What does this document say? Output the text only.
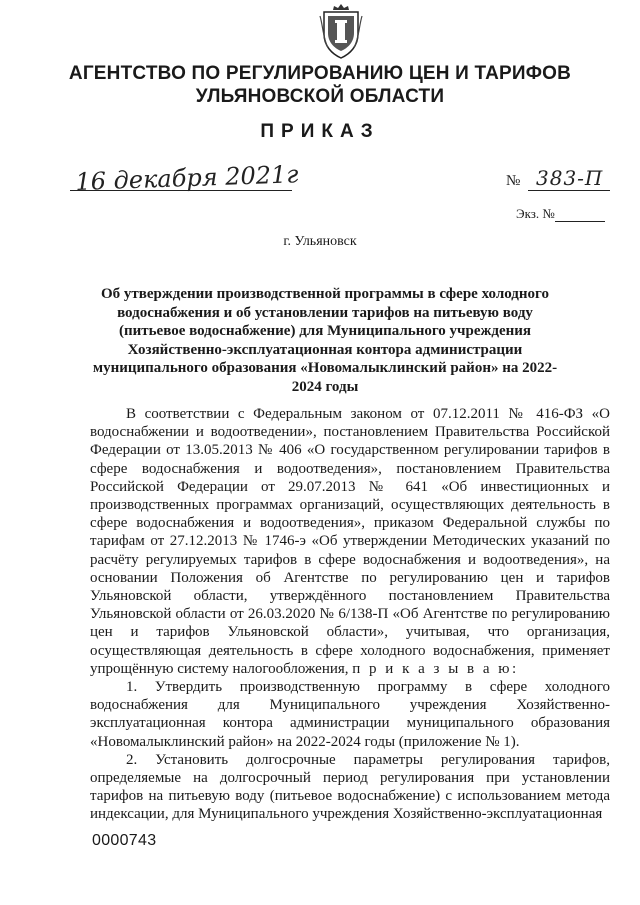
АГЕНТСТВО ПО РЕГУЛИРОВАНИЮ ЦЕН И ТАРИФОВ
УЛЬЯНОВСКОЙ ОБЛАСТИ
ПРИКАЗ
16 декабря 2021г	№ 383-П
Экз. №
г. Ульяновск
Об утверждении производственной программы в сфере холодного водоснабжения и об установлении тарифов на питьевую воду (питьевое водоснабжение) для Муниципального учреждения Хозяйственно-эксплуатационная контора администрации муниципального образования «Новомалыклинский район» на 2022-2024 годы

В соответствии с Федеральным законом от 07.12.2011 № 416-ФЗ «О водоснабжении и водоотведении», постановлением Правительства Российской Федерации от 13.05.2013 № 406 «О государственном регулировании тарифов в сфере водоснабжения и водоотведения», постановлением Правительства Российской Федерации от 29.07.2013 № 641 «Об инвестиционных и производственных программах организаций, осуществляющих деятельность в сфере водоснабжения и водоотведения», приказом Федеральной службы по тарифам от 27.12.2013 № 1746-э «Об утверждении Методических указаний по расчёту регулируемых тарифов в сфере водоснабжения и водоотведения», на основании Положения об Агентстве по регулированию цен и тарифов Ульяновской области, утверждённого постановлением Правительства Ульяновской области от 26.03.2020 № 6/138-П «Об Агентстве по регулированию цен и тарифов Ульяновской области», учитывая, что организация, осуществляющая деятельность в сфере холодного водоснабжения, применяет упрощённую систему налогообложения, п р и к а з ы в а ю:

1. Утвердить производственную программу в сфере холодного водоснабжения для Муниципального учреждения Хозяйственно-эксплуатационная контора администрации муниципального образования «Новомалыклинский район» на 2022-2024 годы (приложение № 1).

2. Установить долгосрочные параметры регулирования тарифов, определяемые на долгосрочный период регулирования при установлении тарифов на питьевую воду (питьевое водоснабжение) с использованием метода индексации, для Муниципального учреждения Хозяйственно-эксплуатационная

0000743
